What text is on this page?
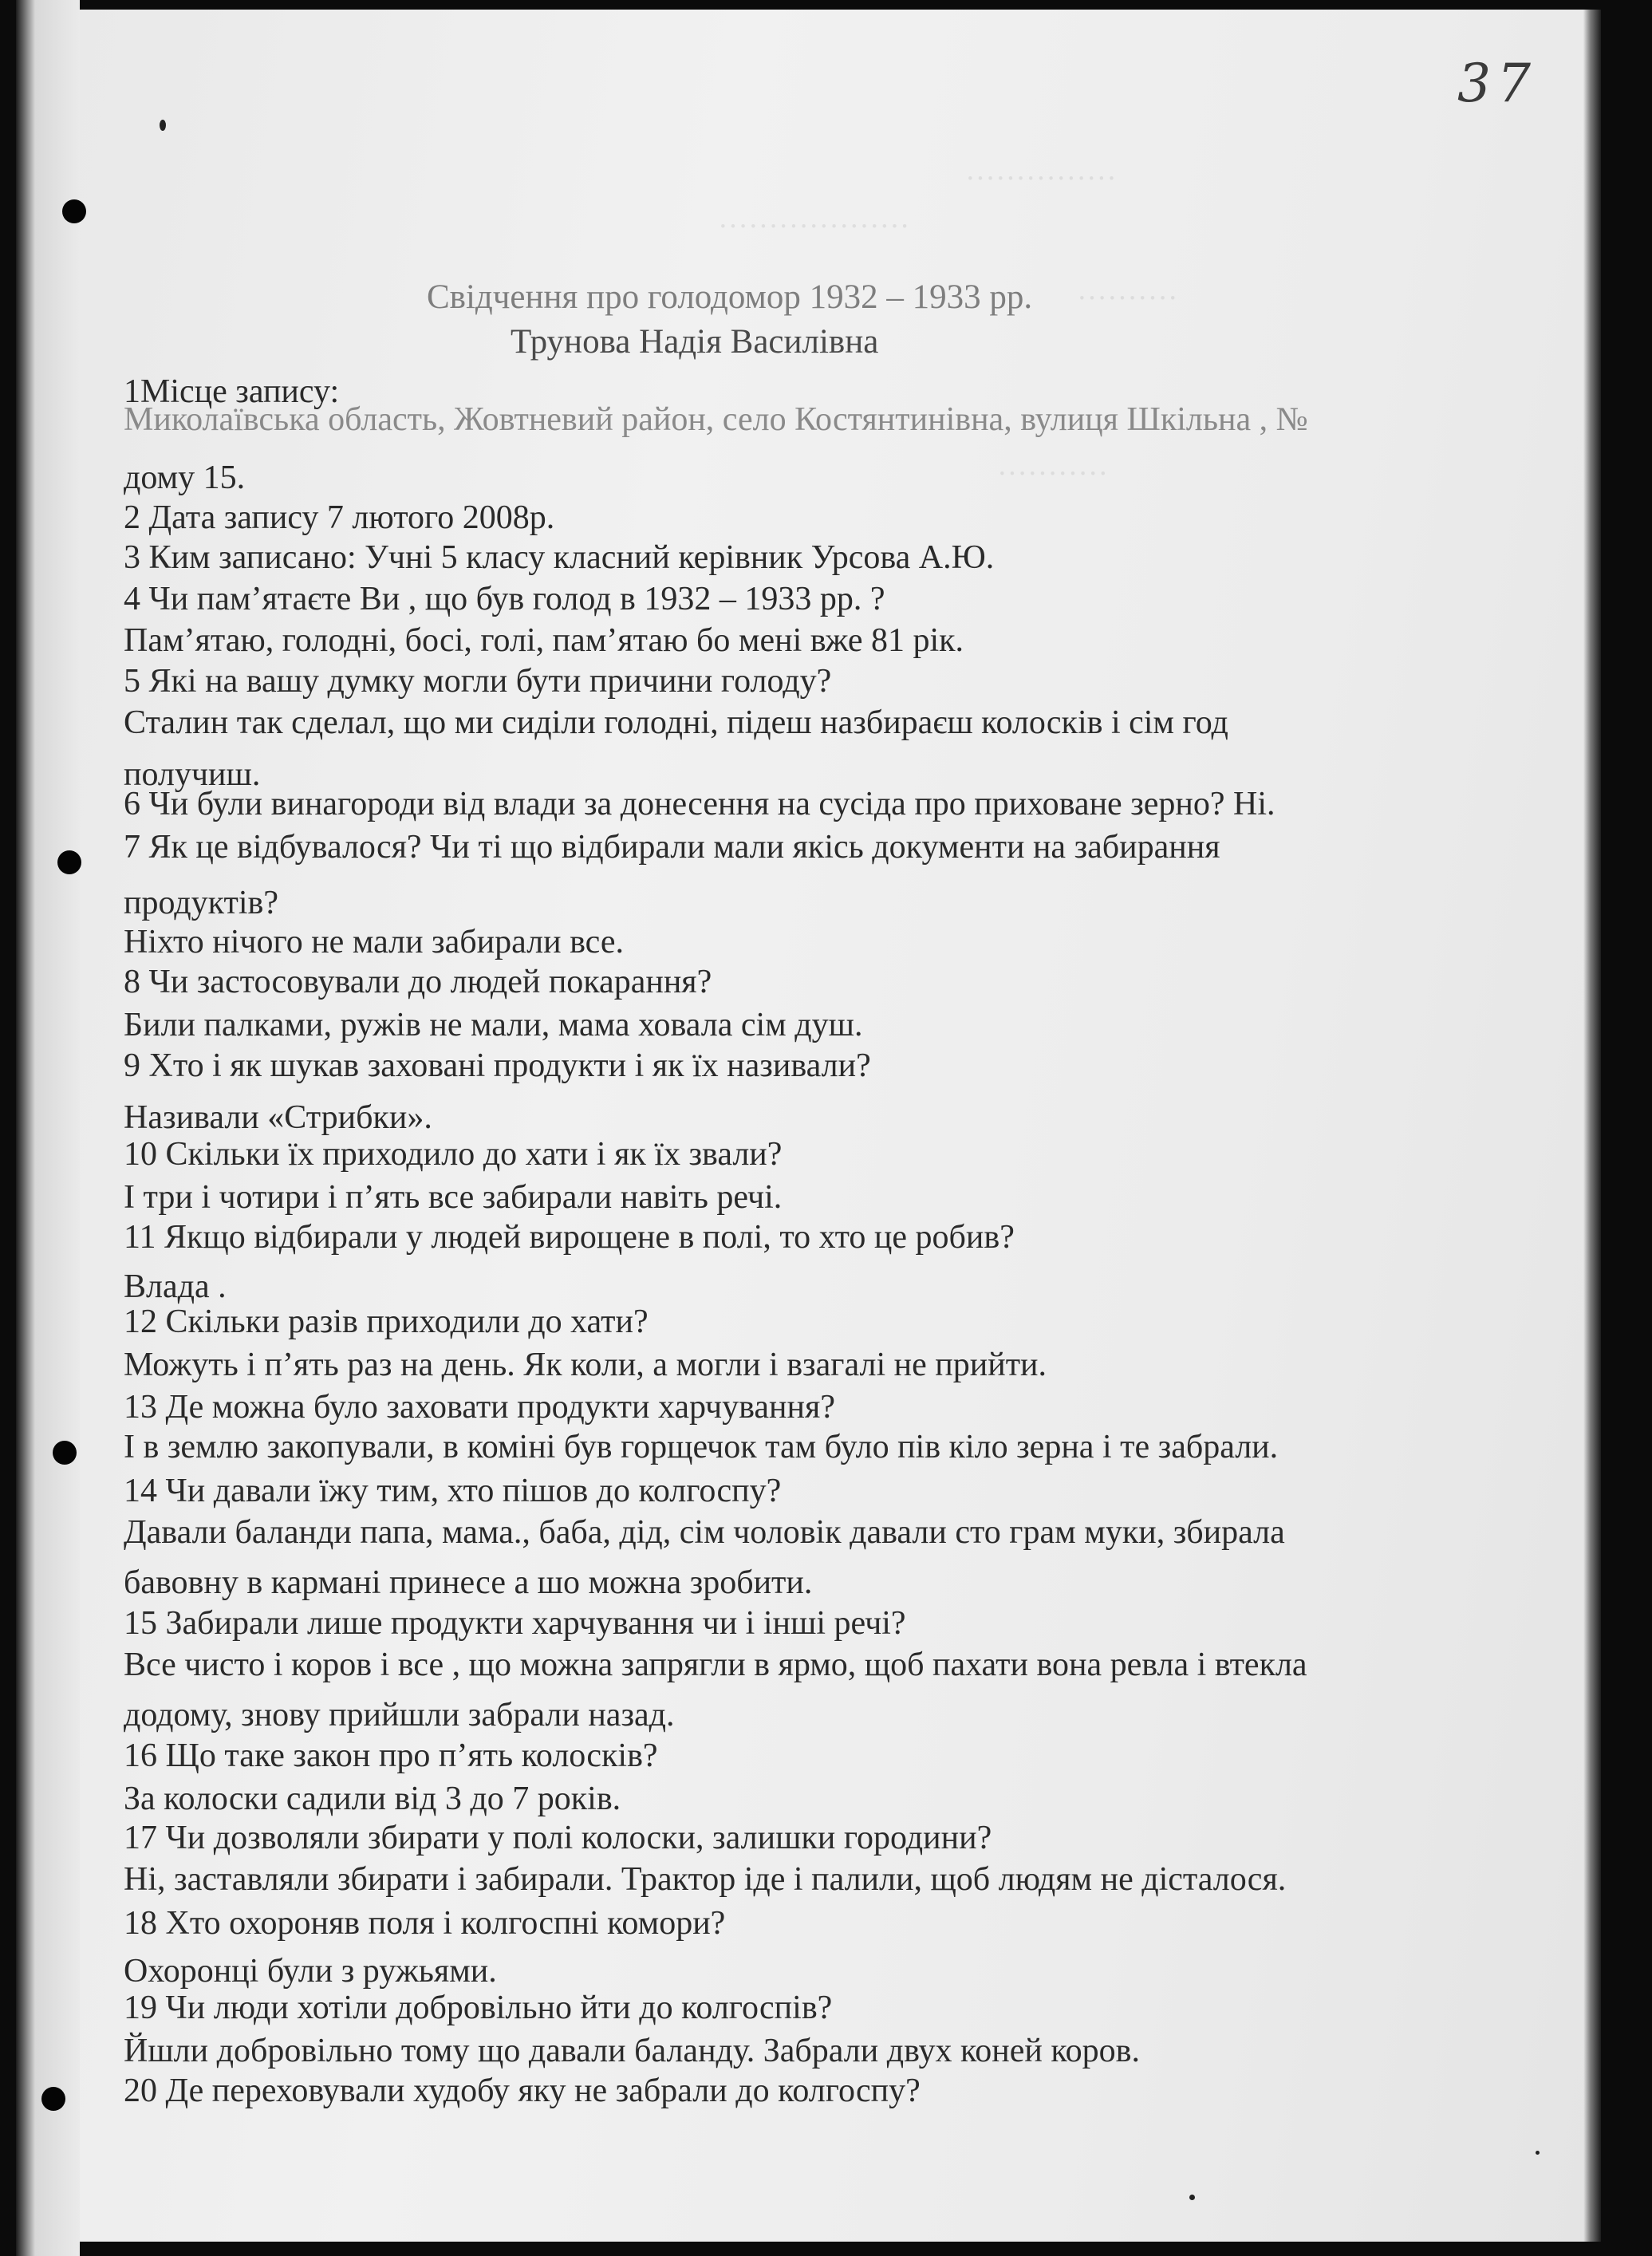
···············
···················
··········
···········
37
Свідчення про голодомор 1932 – 1933 рр.
Трунова Надія Василівна
1Місце запису:
Миколаївська область, Жовтневий район, село Костянтинівна, вулиця Шкільна , №
дому 15.
2 Дата запису 7 лютого 2008р.
3 Ким записано: Учні 5 класу класний керівник Урсова А.Ю.
4 Чи пам’ятаєте Ви , що був голод в 1932 – 1933 рр. ?
Пам’ятаю, голодні, босі, голі, пам’ятаю бо мені вже 81 рік.
5 Які на вашу думку могли бути причини голоду?
Сталин так сделал, що ми сиділи голодні, підеш назбираєш колосків і сім год
получиш.
6 Чи були винагороди від влади за донесення на сусіда про приховане зерно? Ні.
7 Як це відбувалося? Чи ті що відбирали мали якісь документи на забирання
продуктів?
Ніхто нічого не мали забирали все.
8 Чи застосовували до людей покарання?
Били палками, ружів не мали, мама ховала сім душ.
9 Хто і як шукав заховані продукти і як їх називали?
Називали «Стрибки».
10 Скільки їх приходило до хати і як їх звали?
І три і чотири і п’ять все забирали навіть речі.
11 Якщо відбирали у людей вирощене в полі, то хто це робив?
Влада .
12 Скільки разів приходили до хати?
Можуть і п’ять раз на день. Як коли, а могли і взагалі не прийти.
13 Де можна було заховати продукти харчування?
І в землю закопували, в коміні був горщечок там було пів кіло зерна і те забрали.
14 Чи давали їжу тим, хто пішов до колгоспу?
Давали баланди папа, мама., баба, дід, сім чоловік давали сто грам муки, збирала
бавовну в кармані принесе а шо можна зробити.
15 Забирали лише продукти харчування чи і інші речі?
Все чисто і коров і все , що можна запрягли в ярмо, щоб пахати вона ревла і втекла
додому, знову прийшли забрали назад.
16 Що таке закон про п’ять колосків?
За колоски садили від 3 до 7 років.
17 Чи дозволяли збирати у полі колоски, залишки городини?
Ні, заставляли збирати і забирали. Трактор іде і палили, щоб людям не дісталося.
18 Хто охороняв поля і колгоспні комори?
Охоронці були з ружьями.
19 Чи люди хотіли добровільно йти до колгоспів?
Йшли добровільно тому що давали баланду. Забрали двух коней коров.
20 Де переховували худобу яку не забрали до колгоспу?
